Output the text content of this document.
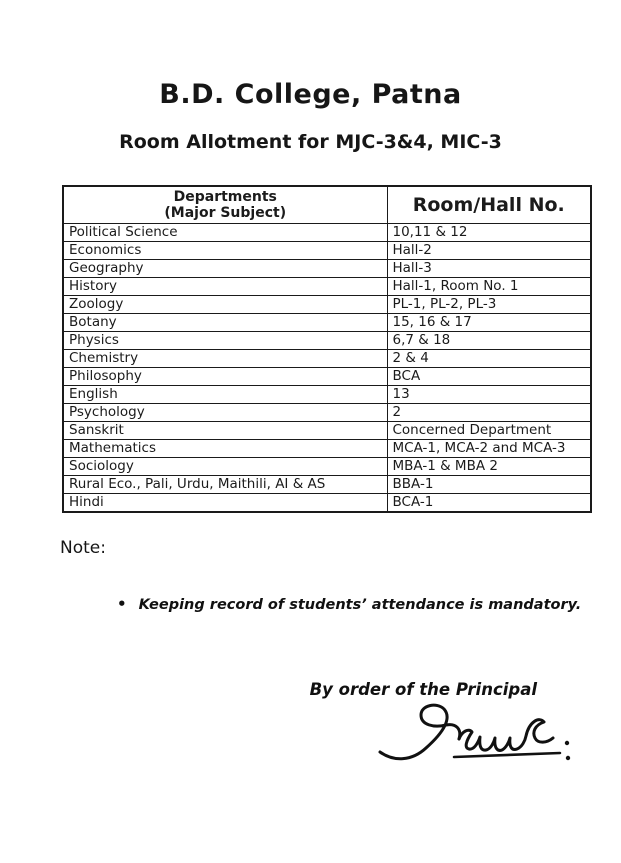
B.D. College, Patna
Room Allotment for MJC-3&4, MIC-3
Departments
(Major Subject)	Room/Hall No.
Political Science	10,11 & 12
Economics	Hall-2
Geography	Hall-3
History	Hall-1, Room No. 1
Zoology	PL-1, PL-2, PL-3
Botany	15, 16 & 17
Physics	6,7 & 18
Chemistry	2 & 4
Philosophy	BCA
English	13
Psychology	2
Sanskrit	Concerned Department
Mathematics	MCA-1, MCA-2 and MCA-3
Sociology	MBA-1 & MBA 2
Rural Eco., Pali, Urdu, Maithili, AI & AS	BBA-1
Hindi	BCA-1
Note:
• Keeping record of students’ attendance is mandatory.
By order of the Principal
